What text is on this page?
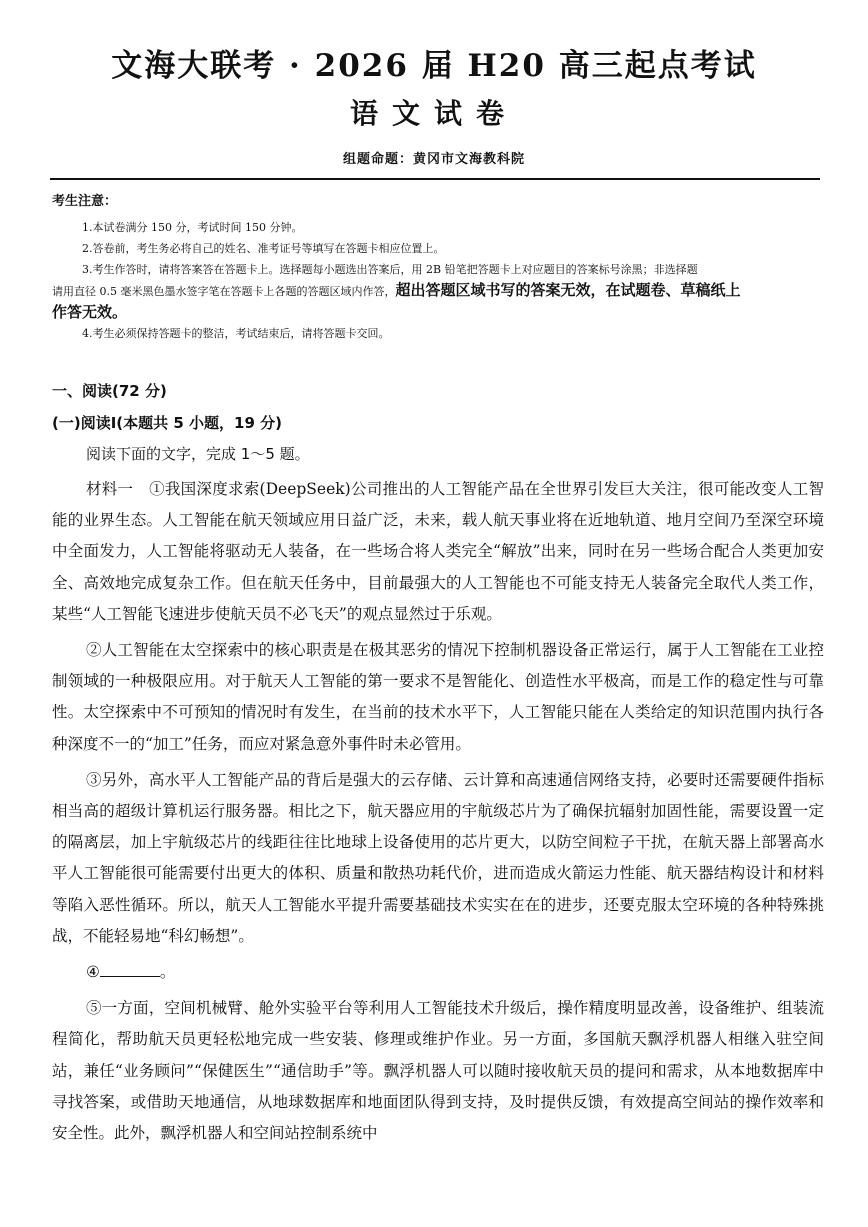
文海大联考 · 2026 届 H20 高三起点考试
语文试卷
组题命题：黄冈市文海教科院
考生注意：
1.本试卷满分 150 分，考试时间 150 分钟。
2.答卷前，考生务必将自己的姓名、准考证号等填写在答题卡相应位置上。
3.考生作答时，请将答案答在答题卡上。选择题每小题选出答案后，用 2B 铅笔把答题卡上对应题目的答案标号涂黑；非选择题
请用直径 0.5 毫米黑色墨水签字笔在答题卡上各题的答题区域内作答，超出答题区域书写的答案无效，在试题卷、草稿纸上
作答无效。
4.考生必须保持答题卡的整洁，考试结束后，请将答题卡交回。
一、阅读(72 分)
(一)阅读Ⅰ(本题共 5 小题，19 分)
阅读下面的文字，完成 1～5 题。

材料一　①我国深度求索(DeepSeek)公司推出的人工智能产品在全世界引发巨大关注，很可能改变人工智能的业界生态。人工智能在航天领域应用日益广泛，未来，载人航天事业将在近地轨道、地月空间乃至深空环境中全面发力，人工智能将驱动无人装备，在一些场合将人类完全“解放”出来，同时在另一些场合配合人类更加安全、高效地完成复杂工作。但在航天任务中，目前最强大的人工智能也不可能支持无人装备完全取代人类工作，某些“人工智能飞速进步使航天员不必飞天”的观点显然过于乐观。

②人工智能在太空探索中的核心职责是在极其恶劣的情况下控制机器设备正常运行，属于人工智能在工业控制领域的一种极限应用。对于航天人工智能的第一要求不是智能化、创造性水平极高，而是工作的稳定性与可靠性。太空探索中不可预知的情况时有发生，在当前的技术水平下，人工智能只能在人类给定的知识范围内执行各种深度不一的“加工”任务，而应对紧急意外事件时未必管用。

③另外，高水平人工智能产品的背后是强大的云存储、云计算和高速通信网络支持，必要时还需要硬件指标相当高的超级计算机运行服务器。相比之下，航天器应用的宇航级芯片为了确保抗辐射加固性能，需要设置一定的隔离层，加上宇航级芯片的线距往往比地球上设备使用的芯片更大，以防空间粒子干扰，在航天器上部署高水平人工智能很可能需要付出更大的体积、质量和散热功耗代价，进而造成火箭运力性能、航天器结构设计和材料等陷入恶性循环。所以，航天人工智能水平提升需要基础技术实实在在的进步，还要克服太空环境的各种特殊挑战，不能轻易地“科幻畅想”。

④	。

⑤一方面，空间机械臂、舱外实验平台等利用人工智能技术升级后，操作精度明显改善，设备维护、组装流程简化，帮助航天员更轻松地完成一些安装、修理或维护作业。另一方面，多国航天飘浮机器人相继入驻空间站，兼任“业务顾问”“保健医生”“通信助手”等。飘浮机器人可以随时接收航天员的提问和需求，从本地数据库中寻找答案，或借助天地通信，从地球数据库和地面团队得到支持，及时提供反馈，有效提高空间站的操作效率和安全性。此外，飘浮机器人和空间站控制系统中
